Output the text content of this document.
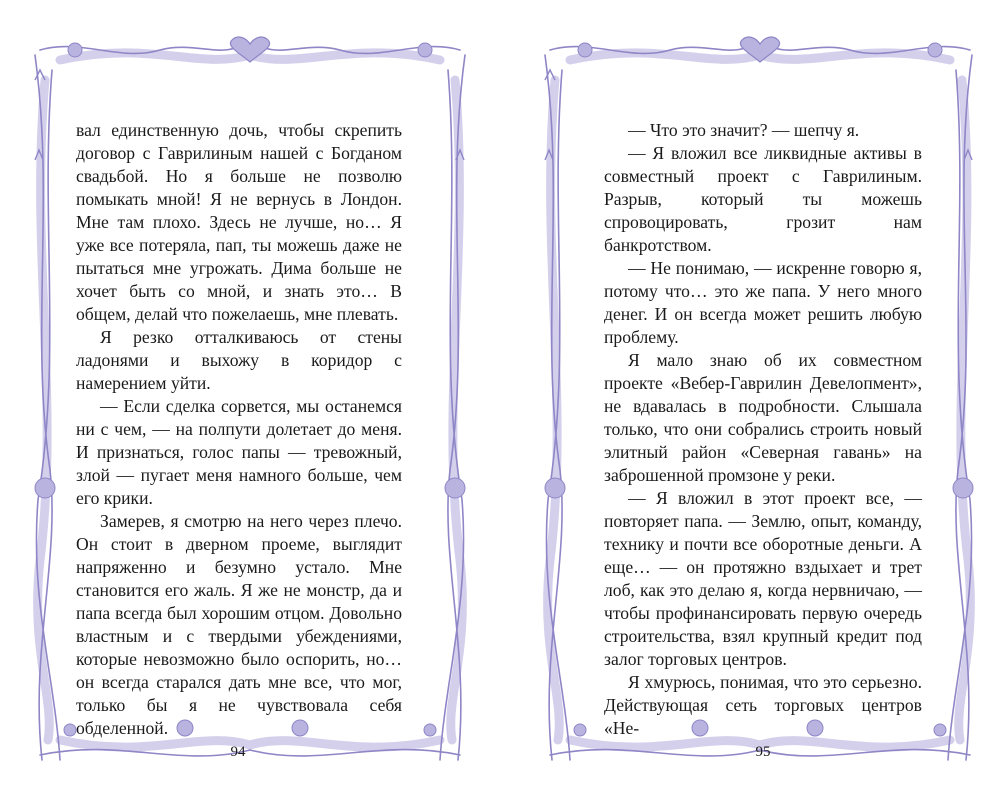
вал единственную дочь, чтобы скрепить договор с Гаврилиным нашей с Богданом свадьбой. Но я больше не позволю помыкать мной! Я не вернусь в Лондон. Мне там плохо. Здесь не лучше, но… Я уже все потеряла, пап, ты можешь даже не пытаться мне угрожать. Дима больше не хочет быть со мной, и знать это… В общем, делай что пожелаешь, мне плевать.

Я резко отталкиваюсь от стены ладонями и выхожу в коридор с намерением уйти.

— Если сделка сорвется, мы останемся ни с чем, — на полпути долетает до меня. И признаться, голос папы — тревожный, злой — пугает меня намного больше, чем его крики.

Замерев, я смотрю на него через плечо. Он стоит в дверном проеме, выглядит напряженно и безумно устало. Мне становится его жаль. Я же не монстр, да и папа всегда был хорошим отцом. Довольно властным и с твердыми убеждениями, которые невозможно было оспорить, но… он всегда старался дать мне все, что мог, только бы я не чувствовала себя обделенной.

94

— Что это значит? — шепчу я.

— Я вложил все ликвидные активы в совместный проект с Гаврилиным. Разрыв, который ты можешь спровоцировать, грозит нам банкротством.

— Не понимаю, — искренне говорю я, потому что… это же папа. У него много денег. И он всегда может решить любую проблему.

Я мало знаю об их совместном проекте «Вебер-Гаврилин Девелопмент», не вдавалась в подробности. Слышала только, что они собрались строить новый элитный район «Северная гавань» на заброшенной промзоне у реки.

— Я вложил в этот проект все, — повторяет папа. — Землю, опыт, команду, технику и почти все оборотные деньги. А еще… — он протяжно вздыхает и трет лоб, как это делаю я, когда нервничаю, — чтобы профинансировать первую очередь строительства, взял крупный кредит под залог торговых центров.

Я хмурюсь, понимая, что это серьезно. Действующая сеть торговых центров «Не-

95
